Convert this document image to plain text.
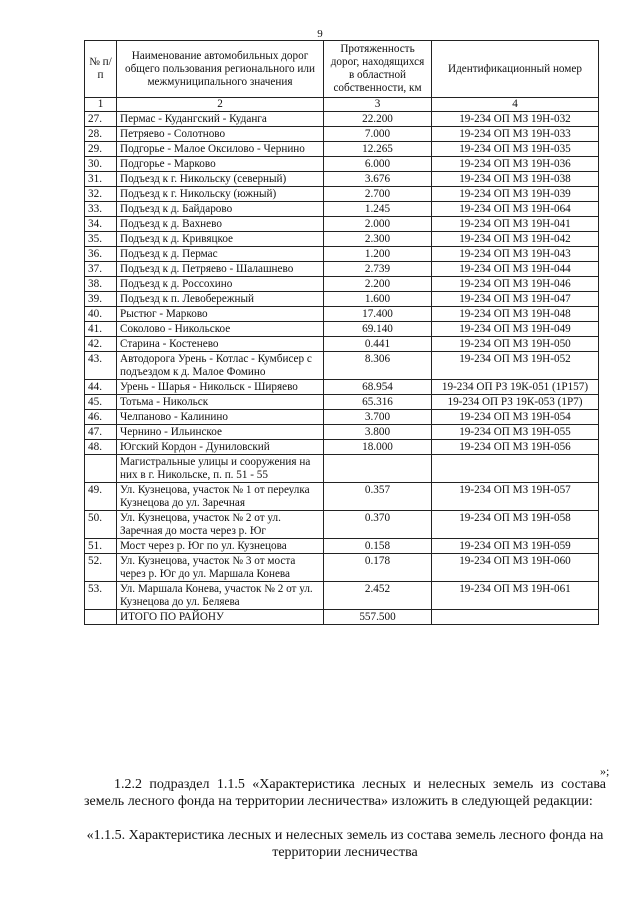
9
№ п/п	Наименование автомобильных дорог общего пользования регионального или межмуниципального значения	Протяженность дорог, находящихся в областной собственности, км	Идентификационный номер
1	2	3	4
27.	Пермас - Кудангский - Куданга	22.200	19-234 ОП МЗ 19Н-032
28.	Петряево - Солотново	7.000	19-234 ОП МЗ 19Н-033
29.	Подгорье - Малое Оксилово - Чернино	12.265	19-234 ОП МЗ 19Н-035
30.	Подгорье - Марково	6.000	19-234 ОП МЗ 19Н-036
31.	Подъезд к г. Никольску (северный)	3.676	19-234 ОП МЗ 19Н-038
32.	Подъезд к г. Никольску (южный)	2.700	19-234 ОП МЗ 19Н-039
33.	Подъезд к д. Байдарово	1.245	19-234 ОП МЗ 19Н-064
34.	Подъезд к д. Вахнево	2.000	19-234 ОП МЗ 19Н-041
35.	Подъезд к д. Кривяцкое	2.300	19-234 ОП МЗ 19Н-042
36.	Подъезд к д. Пермас	1.200	19-234 ОП МЗ 19Н-043
37.	Подъезд к д. Петряево - Шалашнево	2.739	19-234 ОП МЗ 19Н-044
38.	Подъезд к д. Россохино	2.200	19-234 ОП МЗ 19Н-046
39.	Подъезд к п. Левобережный	1.600	19-234 ОП МЗ 19Н-047
40.	Рыстюг - Марково	17.400	19-234 ОП МЗ 19Н-048
41.	Соколово - Никольское	69.140	19-234 ОП МЗ 19Н-049
42.	Старина - Костенево	0.441	19-234 ОП МЗ 19Н-050
43.	Автодорога Урень - Котлас - Кумбисер с подъездом к д. Малое Фомино	8.306	19-234 ОП МЗ 19Н-052
44.	Урень - Шарья - Никольск - Ширяево	68.954	19-234 ОП РЗ 19К-051 (1Р157)
45.	Тотьма - Никольск	65.316	19-234 ОП РЗ 19К-053 (1Р7)
46.	Челпаново - Калинино	3.700	19-234 ОП МЗ 19Н-054
47.	Чернино - Ильинское	3.800	19-234 ОП МЗ 19Н-055
48.	Югский Кордон - Дуниловский	18.000	19-234 ОП МЗ 19Н-056
	Магистральные улицы и сооружения на них в г. Никольске, п. п. 51 - 55		
49.	Ул. Кузнецова, участок № 1 от переулка Кузнецова до ул. Заречная	0.357	19-234 ОП МЗ 19Н-057
50.	Ул. Кузнецова, участок № 2 от ул. Заречная до моста через р. Юг	0.370	19-234 ОП МЗ 19Н-058
51.	Мост через р. Юг по ул. Кузнецова	0.158	19-234 ОП МЗ 19Н-059
52.	Ул. Кузнецова, участок № 3 от моста через р. Юг до ул. Маршала Конева	0.178	19-234 ОП МЗ 19Н-060
53.	Ул. Маршала Конева, участок № 2 от ул. Кузнецова до ул. Беляева	2.452	19-234 ОП МЗ 19Н-061
	ИТОГО ПО РАЙОНУ	557.500	
»;
1.2.2 подраздел 1.1.5 «Характеристика лесных и нелесных земель из состава земель лесного фонда на территории лесничества» изложить в следующей редакции:
«1.1.5. Характеристика лесных и нелесных земель из состава земель лесного фонда на территории лесничества
